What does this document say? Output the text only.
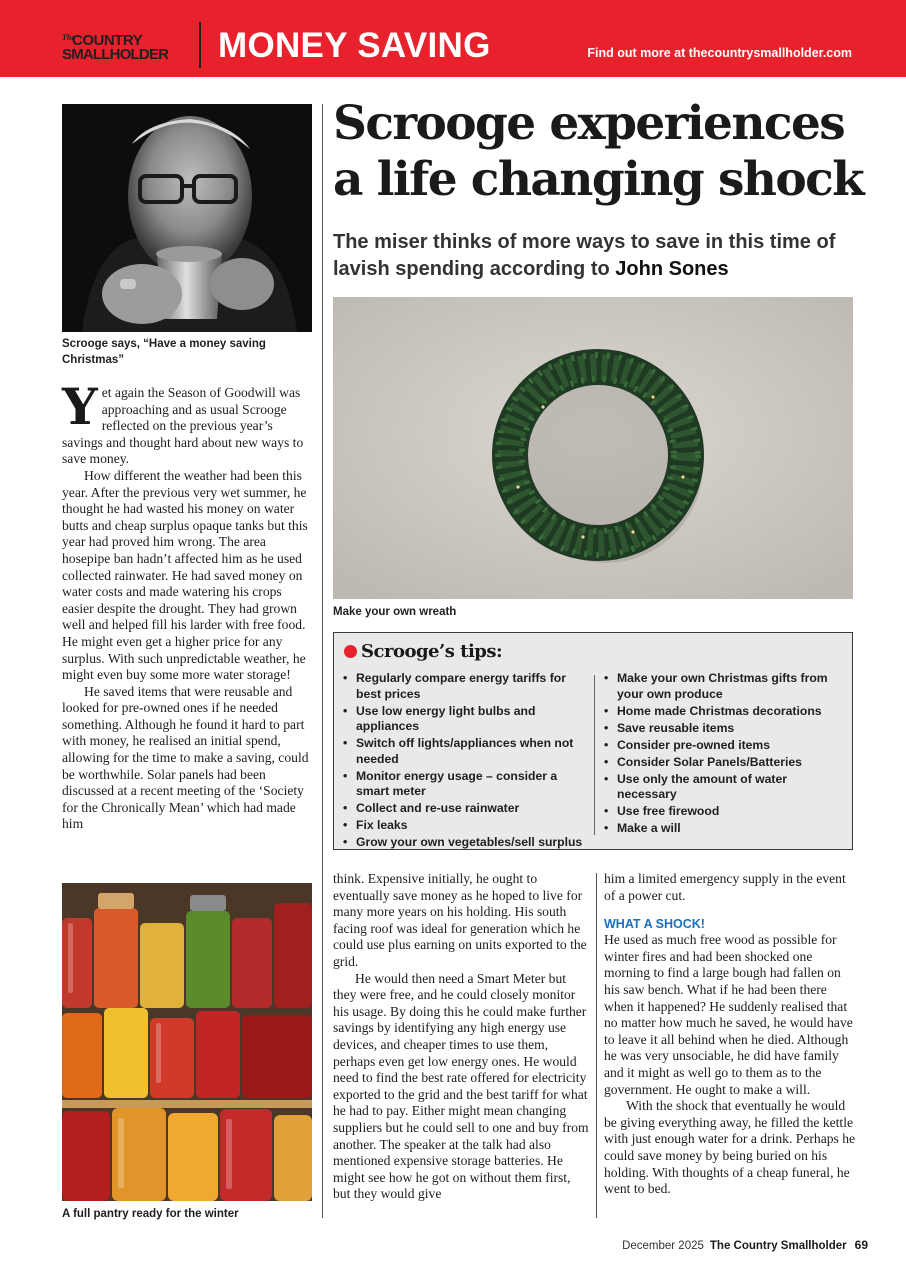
The
COUNTRY
SMALLHOLDER	MONEY SAVING	Find out more at thecountrysmallholder.com
Scrooge says, “Have a money saving Christmas”

Yet again the Season of Goodwill was approaching and as usual Scrooge reflected on the previous year’s savings and thought hard about new ways to save money.

How different the weather had been this year. After the previous very wet summer, he thought he had wasted his money on water butts and cheap surplus opaque tanks but this year had proved him wrong. The area hosepipe ban hadn’t affected him as he used collected rainwater. He had saved money on water costs and made watering his crops easier despite the drought. They had grown well and helped fill his larder with free food. He might even get a higher price for any surplus. With such unpredictable weather, he might even buy some more water storage!

He saved items that were reusable and looked for pre-owned ones if he needed something. Although he found it hard to part with money, he realised an initial spend, allowing for the time to make a saving, could be worthwhile. Solar panels had been discussed at a recent meeting of the ‘Society for the Chronically Mean’ which had made him

A full pantry ready for the winter
Scrooge experiences a life changing shock
The miser thinks of more ways to save in this time of lavish spending according to John Sones
Make your own wreath
Scrooge’s tips:
• Regularly compare energy tariffs for best prices
• Use low energy light bulbs and appliances
• Switch off lights/appliances when not needed
• Monitor energy usage – consider a smart meter
• Collect and re-use rainwater
• Fix leaks
• Grow your own vegetables/sell surplus
• Make your own Christmas gifts from your own produce
• Home made Christmas decorations
• Save reusable items
• Consider pre-owned items
• Consider Solar Panels/Batteries
• Use only the amount of water necessary
• Use free firewood
• Make a will

think. Expensive initially, he ought to eventually save money as he hoped to live for many more years on his holding. His south facing roof was ideal for generation which he could use plus earning on units exported to the grid.

He would then need a Smart Meter but they were free, and he could closely monitor his usage. By doing this he could make further savings by identifying any high energy use devices, and cheaper times to use them, perhaps even get low energy ones. He would need to find the best rate offered for electricity exported to the grid and the best tariff for what he had to pay. Either might mean changing suppliers but he could sell to one and buy from another. The speaker at the talk had also mentioned expensive storage batteries. He might see how he got on without them first, but they would give

him a limited emergency supply in the event of a power cut.

WHAT A SHOCK!

He used as much free wood as possible for winter fires and had been shocked one morning to find a large bough had fallen on his saw bench. What if he had been there when it happened? He suddenly realised that no matter how much he saved, he would have to leave it all behind when he died. Although he was very unsociable, he did have family and it might as well go to them as to the government. He ought to make a will.

With the shock that eventually he would be giving everything away, he filled the kettle with just enough water for a drink. Perhaps he could save money by being buried on his holding. With thoughts of a cheap funeral, he went to bed.

December 2025 The Country Smallholder 69
